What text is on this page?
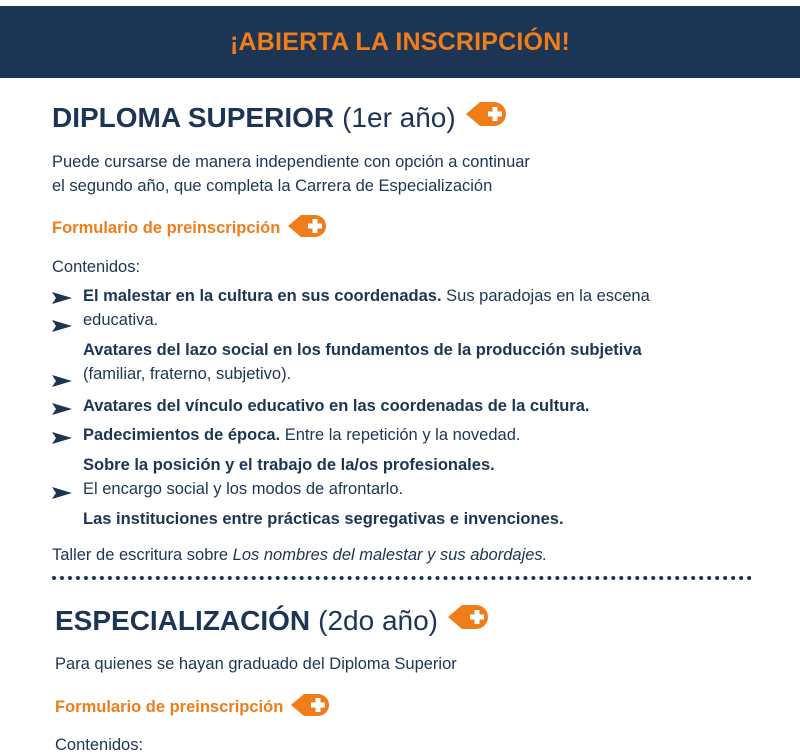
¡ABIERTA LA INSCRIPCIÓN!
DIPLOMA SUPERIOR (1er año)
Puede cursarse de manera independiente con opción a continuar
el segundo año, que completa la Carrera de Especialización
Formulario de preinscripción
Contenidos:
El malestar en la cultura en sus coordenadas. Sus paradojas en la escena
educativa.
Avatares del lazo social en los fundamentos de la producción subjetiva
(familiar, fraterno, subjetivo).
Avatares del vínculo educativo en las coordenadas de la cultura.
Padecimientos de época. Entre la repetición y la novedad.
Sobre la posición y el trabajo de la/os profesionales.
El encargo social y los modos de afrontarlo.
Las instituciones entre prácticas segregativas e invenciones.
Taller de escritura sobre Los nombres del malestar y sus abordajes.
ESPECIALIZACIÓN (2do año)
Para quienes se hayan graduado del Diploma Superior
Formulario de preinscripción
Contenidos:
